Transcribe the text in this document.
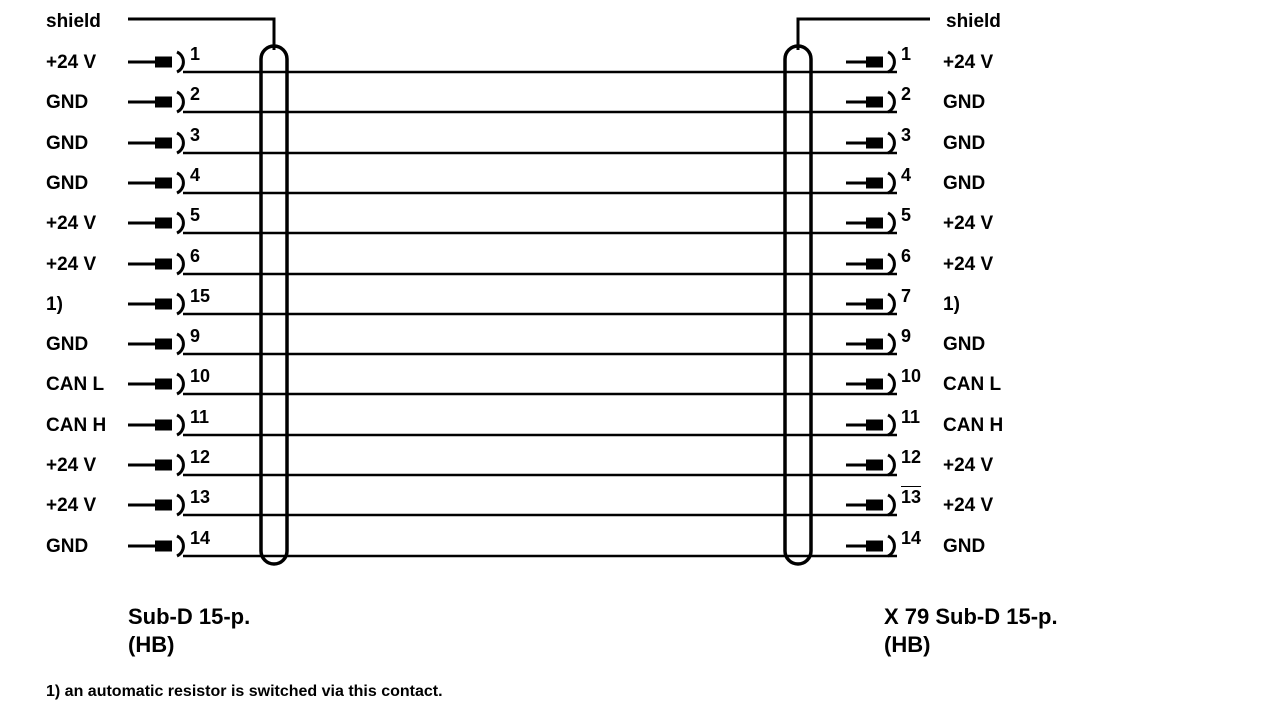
+24 V
GND
GND
GND
+24 V
+24 V
1)
GND
CAN L
CAN H
+24 V
+24 V
GND
+24 V
GND
GND
GND
+24 V
+24 V
1)
GND
CAN L
CAN H
+24 V
+24 V
GND
1
2
3
4
5
6
15
9
10
11
12
13
14
1
2
3
4
5
6
7
9
10
11
12
13
14
shield	shield
Sub-D 15-p.
(HB)
X 79 Sub-D 15-p.
(HB)
1) an automatic resistor is switched via this contact.
